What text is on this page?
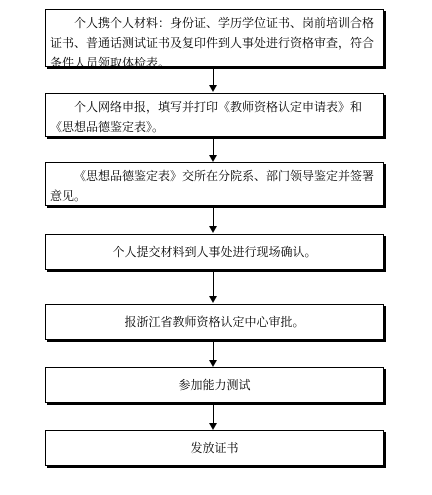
个人携个人材料：身份证、学历学位证书、岗前培训合格证书、普通话测试证书及复印件到人事处进行资格审查，符合条件人员领取体检表。
个人网络申报，填写并打印《教师资格认定申请表》和《思想品德鉴定表》。
《思想品德鉴定表》交所在分院系、部门领导鉴定并签署意见。
个人提交材料到人事处进行现场确认。
报浙江省教师资格认定中心审批。
参加能力测试
发放证书
